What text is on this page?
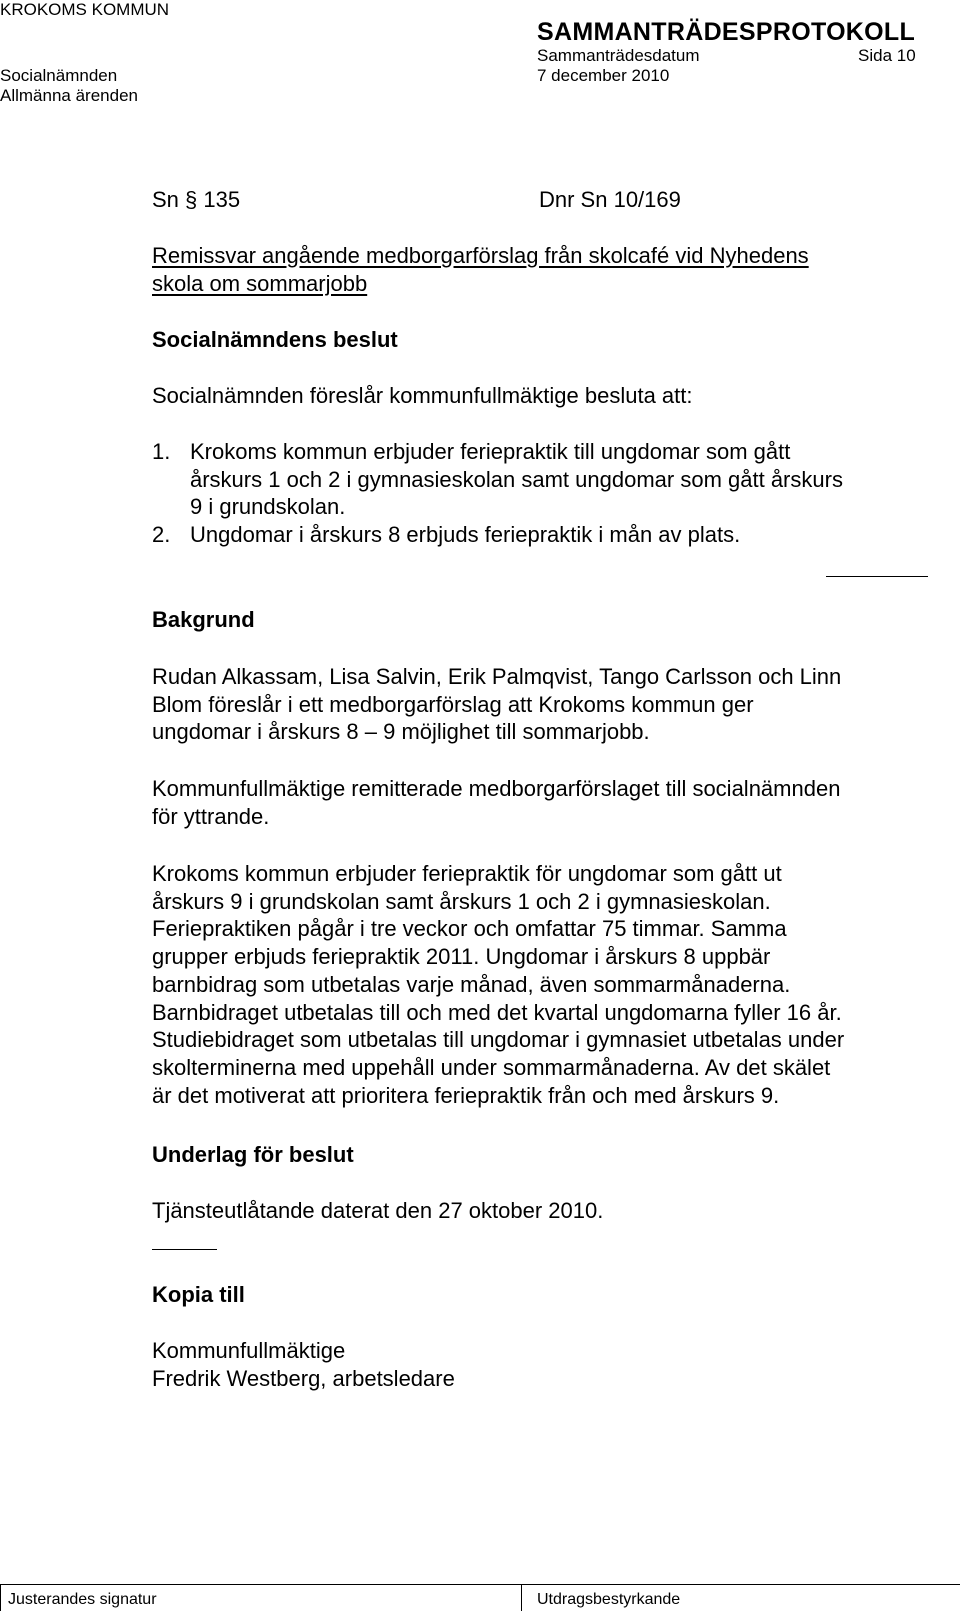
KROKOMS KOMMUN
SAMMANTRÄDESPROTOKOLL
Sammanträdesdatum	Sida 10
Socialnämnden	7 december 2010
Allmänna ärenden
Sn § 135	Dnr Sn 10/169
Remissvar angående medborgarförslag från skolcafé vid Nyhedens
skola om sommarjobb
Socialnämndens beslut
Socialnämnden föreslår kommunfullmäktige besluta att:
1. Krokoms kommun erbjuder feriepraktik till ungdomar som gått
årskurs 1 och 2 i gymnasieskolan samt ungdomar som gått årskurs
9 i grundskolan.
2. Ungdomar i årskurs 8 erbjuds feriepraktik i mån av plats.
Bakgrund
Rudan Alkassam, Lisa Salvin, Erik Palmqvist, Tango Carlsson och Linn
Blom föreslår i ett medborgarförslag att Krokoms kommun ger
ungdomar i årskurs 8 – 9 möjlighet till sommarjobb.
Kommunfullmäktige remitterade medborgarförslaget till socialnämnden
för yttrande.
Krokoms kommun erbjuder feriepraktik för ungdomar som gått ut
årskurs 9 i grundskolan samt årskurs 1 och 2 i gymnasieskolan.
Feriepraktiken pågår i tre veckor och omfattar 75 timmar. Samma
grupper erbjuds feriepraktik 2011. Ungdomar i årskurs 8 uppbär
barnbidrag som utbetalas varje månad, även sommarmånaderna.
Barnbidraget utbetalas till och med det kvartal ungdomarna fyller 16 år.
Studiebidraget som utbetalas till ungdomar i gymnasiet utbetalas under
skolterminerna med uppehåll under sommarmånaderna. Av det skälet
är det motiverat att prioritera feriepraktik från och med årskurs 9.
Underlag för beslut
Tjänsteutlåtande daterat den 27 oktober 2010.
Kopia till
Kommunfullmäktige
Fredrik Westberg, arbetsledare
Justerandes signatur	Utdragsbestyrkande
